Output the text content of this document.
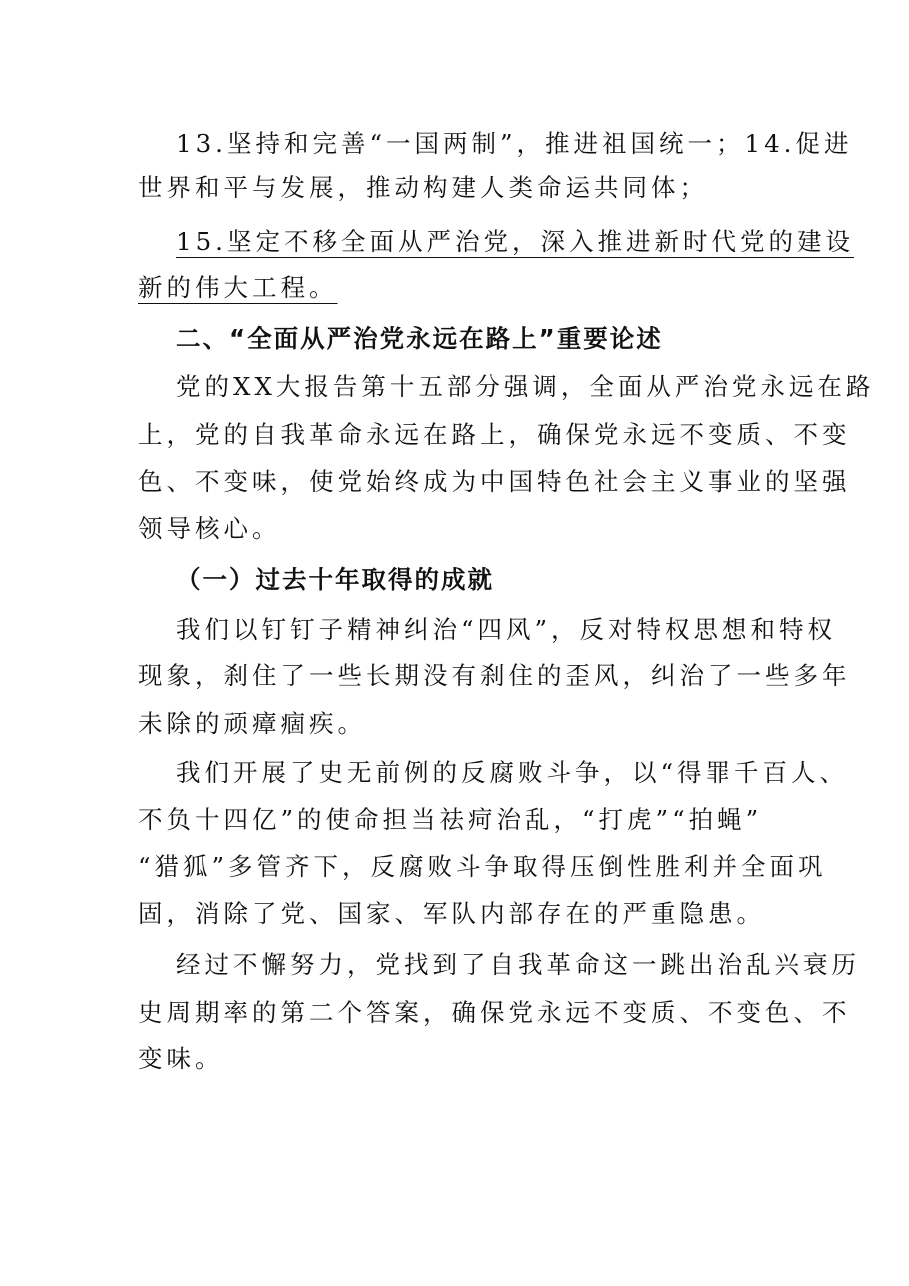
13.坚持和完善“一国两制”，推进祖国统一；14.促进
世界和平与发展，推动构建人类命运共同体；
15.坚定不移全面从严治党，深入推进新时代党的建设
新的伟大工程。
二、“全面从严治党永远在路上”重要论述
党的XX大报告第十五部分强调，全面从严治党永远在路
上，党的自我革命永远在路上，确保党永远不变质、不变
色、不变味，使党始终成为中国特色社会主义事业的坚强
领导核心。
（一）过去十年取得的成就
我们以钉钉子精神纠治“四风”，反对特权思想和特权
现象，刹住了一些长期没有刹住的歪风，纠治了一些多年
未除的顽瘴痼疾。
我们开展了史无前例的反腐败斗争，以“得罪千百人、
不负十四亿”的使命担当祛疴治乱，“打虎”“拍蝇”
“猎狐”多管齐下，反腐败斗争取得压倒性胜利并全面巩
固，消除了党、国家、军队内部存在的严重隐患。
经过不懈努力，党找到了自我革命这一跳出治乱兴衰历
史周期率的第二个答案，确保党永远不变质、不变色、不
变味。
